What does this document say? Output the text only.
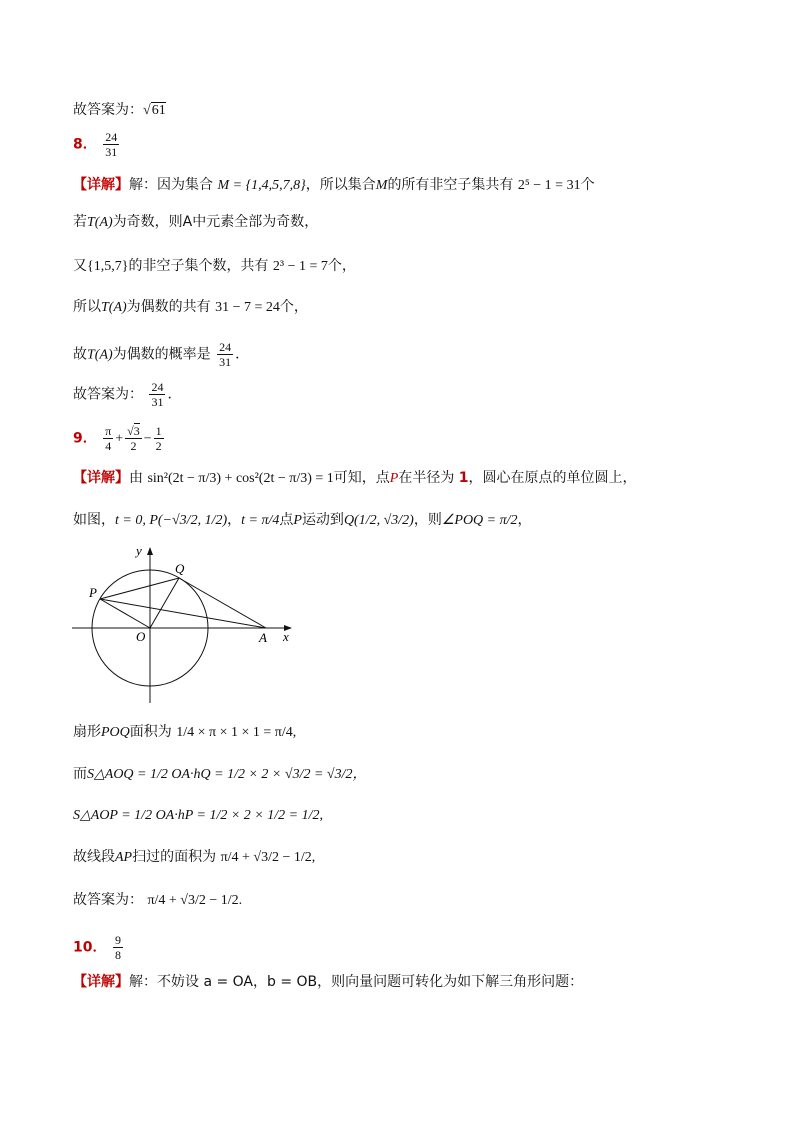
故答案为：√61
8． $\frac{24}{31}$
【详解】解：因为集合 M = {1,4,5,7,8}，所以集合M的所有非空子集共有 2⁵ − 1 = 31个
若T(A)为奇数，则A中元素全部为奇数，
又{1,5,7}的非空子集个数，共有 2³ − 1 = 7个，
所以T(A)为偶数的共有 31 − 7 = 24个，
故T(A)为偶数的概率是 $\frac{24}{31}$ ．
故答案为： $\frac{24}{31}$ ．
9． $\frac{\pi}{4} + \frac{√3}{2} - \frac{1}{2}$
【详解】由 sin²(2t − π/3) + cos²(2t − π/3) = 1可知，点P在半径为 1，圆心在原点的单位圆上，
如图，t = 0, P(−√3/2, 1/2)，t = π/4点P运动到Q(1/2, √3/2)，则∠POQ = π/2，
y
x
P
Q
O	A
扇形POQ面积为 1/4 × π × 1 × 1 = π/4,
而S△AOQ = 1/2 OA·hQ = 1/2 × 2 × √3/2 = √3/2，
S△AOP = 1/2 OA·hP = 1/2 × 2 × 1/2 = 1/2,
故线段AP扫过的面积为 π/4 + √3/2 − 1/2,
故答案为： π/4 + √3/2 − 1/2.
10． $\frac{9}{8}$
【详解】解：不妨设 a = OA，b = OB，则向量问题可转化为如下解三角形问题：
